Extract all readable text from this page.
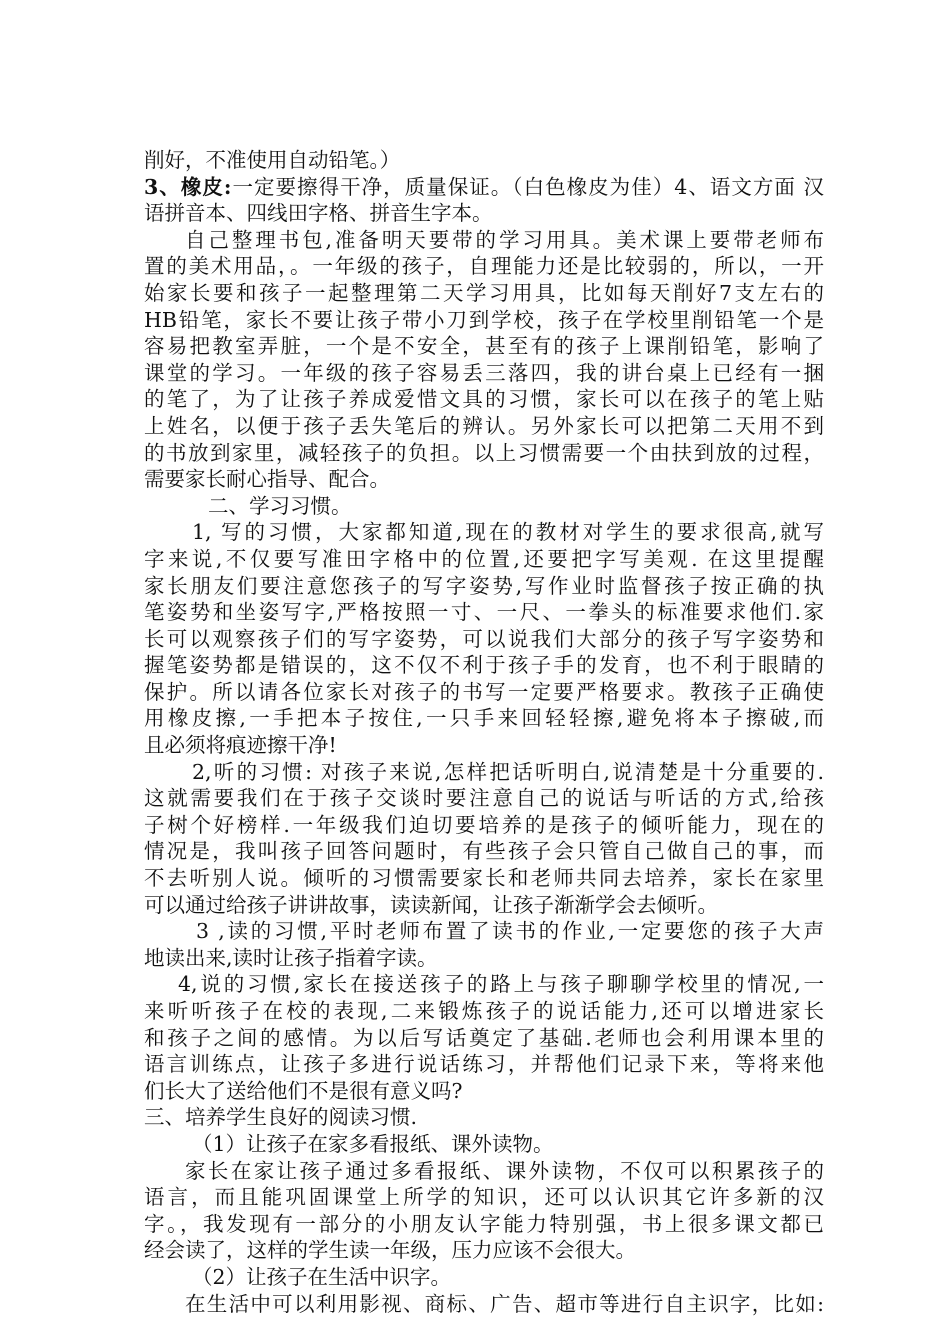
削好，不准使用自动铅笔。）
3、橡皮:一定要擦得干净，质量保证。（白色橡皮为佳）4、语文方面 汉
语拼音本、四线田字格、拼音生字本。
自己整理书包,准备明天要带的学习用具。美术课上要带老师布
置的美术用品，。一年级的孩子，自理能力还是比较弱的，所以，一开
始家长要和孩子一起整理第二天学习用具，比如每天削好7支左右的
HB铅笔，家长不要让孩子带小刀到学校，孩子在学校里削铅笔一个是
容易把教室弄脏，一个是不安全，甚至有的孩子上课削铅笔，影响了
课堂的学习。一年级的孩子容易丢三落四，我的讲台桌上已经有一捆
的笔了，为了让孩子养成爱惜文具的习惯，家长可以在孩子的笔上贴
上姓名，以便于孩子丢失笔后的辨认。另外家长可以把第二天用不到
的书放到家里，减轻孩子的负担。以上习惯需要一个由扶到放的过程，
需要家长耐心指导、配合。
二、学习习惯。
1, 写的习惯，大家都知道,现在的教材对学生的要求很高,就写
字来说,不仅要写准田字格中的位置,还要把字写美观. 在这里提醒
家长朋友们要注意您孩子的写字姿势,写作业时监督孩子按正确的执
笔姿势和坐姿写字,严格按照一寸、一尺、一拳头的标准要求他们.家
长可以观察孩子们的写字姿势，可以说我们大部分的孩子写字姿势和
握笔姿势都是错误的，这不仅不利于孩子手的发育，也不利于眼睛的
保护。所以请各位家长对孩子的书写一定要严格要求。教孩子正确使
用橡皮擦,一手把本子按住,一只手来回轻轻擦,避免将本子擦破,而
且必须将痕迹擦干净!
2,听的习惯: 对孩子来说,怎样把话听明白,说清楚是十分重要的.
这就需要我们在于孩子交谈时要注意自己的说话与听话的方式,给孩
子树个好榜样.一年级我们迫切要培养的是孩子的倾听能力，现在的
情况是，我叫孩子回答问题时，有些孩子会只管自己做自己的事，而
不去听别人说。倾听的习惯需要家长和老师共同去培养，家长在家里
可以通过给孩子讲讲故事，读读新闻，让孩子渐渐学会去倾听。
3 ,读的习惯,平时老师布置了读书的作业,一定要您的孩子大声
地读出来,读时让孩子指着字读。
4,说的习惯,家长在接送孩子的路上与孩子聊聊学校里的情况,一
来听听孩子在校的表现,二来锻炼孩子的说话能力,还可以增进家长
和孩子之间的感情。为以后写话奠定了基础.老师也会利用课本里的
语言训练点，让孩子多进行说话练习，并帮他们记录下来，等将来他
们长大了送给他们不是很有意义吗?
三、培养学生良好的阅读习惯.
（1）让孩子在家多看报纸、课外读物。
家长在家让孩子通过多看报纸、课外读物，不仅可以积累孩子的
语言，而且能巩固课堂上所学的知识，还可以认识其它许多新的汉
字。，我发现有一部分的小朋友认字能力特别强，书上很多课文都已
经会读了，这样的学生读一年级，压力应该不会很大。
（2）让孩子在生活中识字。
在生活中可以利用影视、商标、广告、超市等进行自主识字，比如:
